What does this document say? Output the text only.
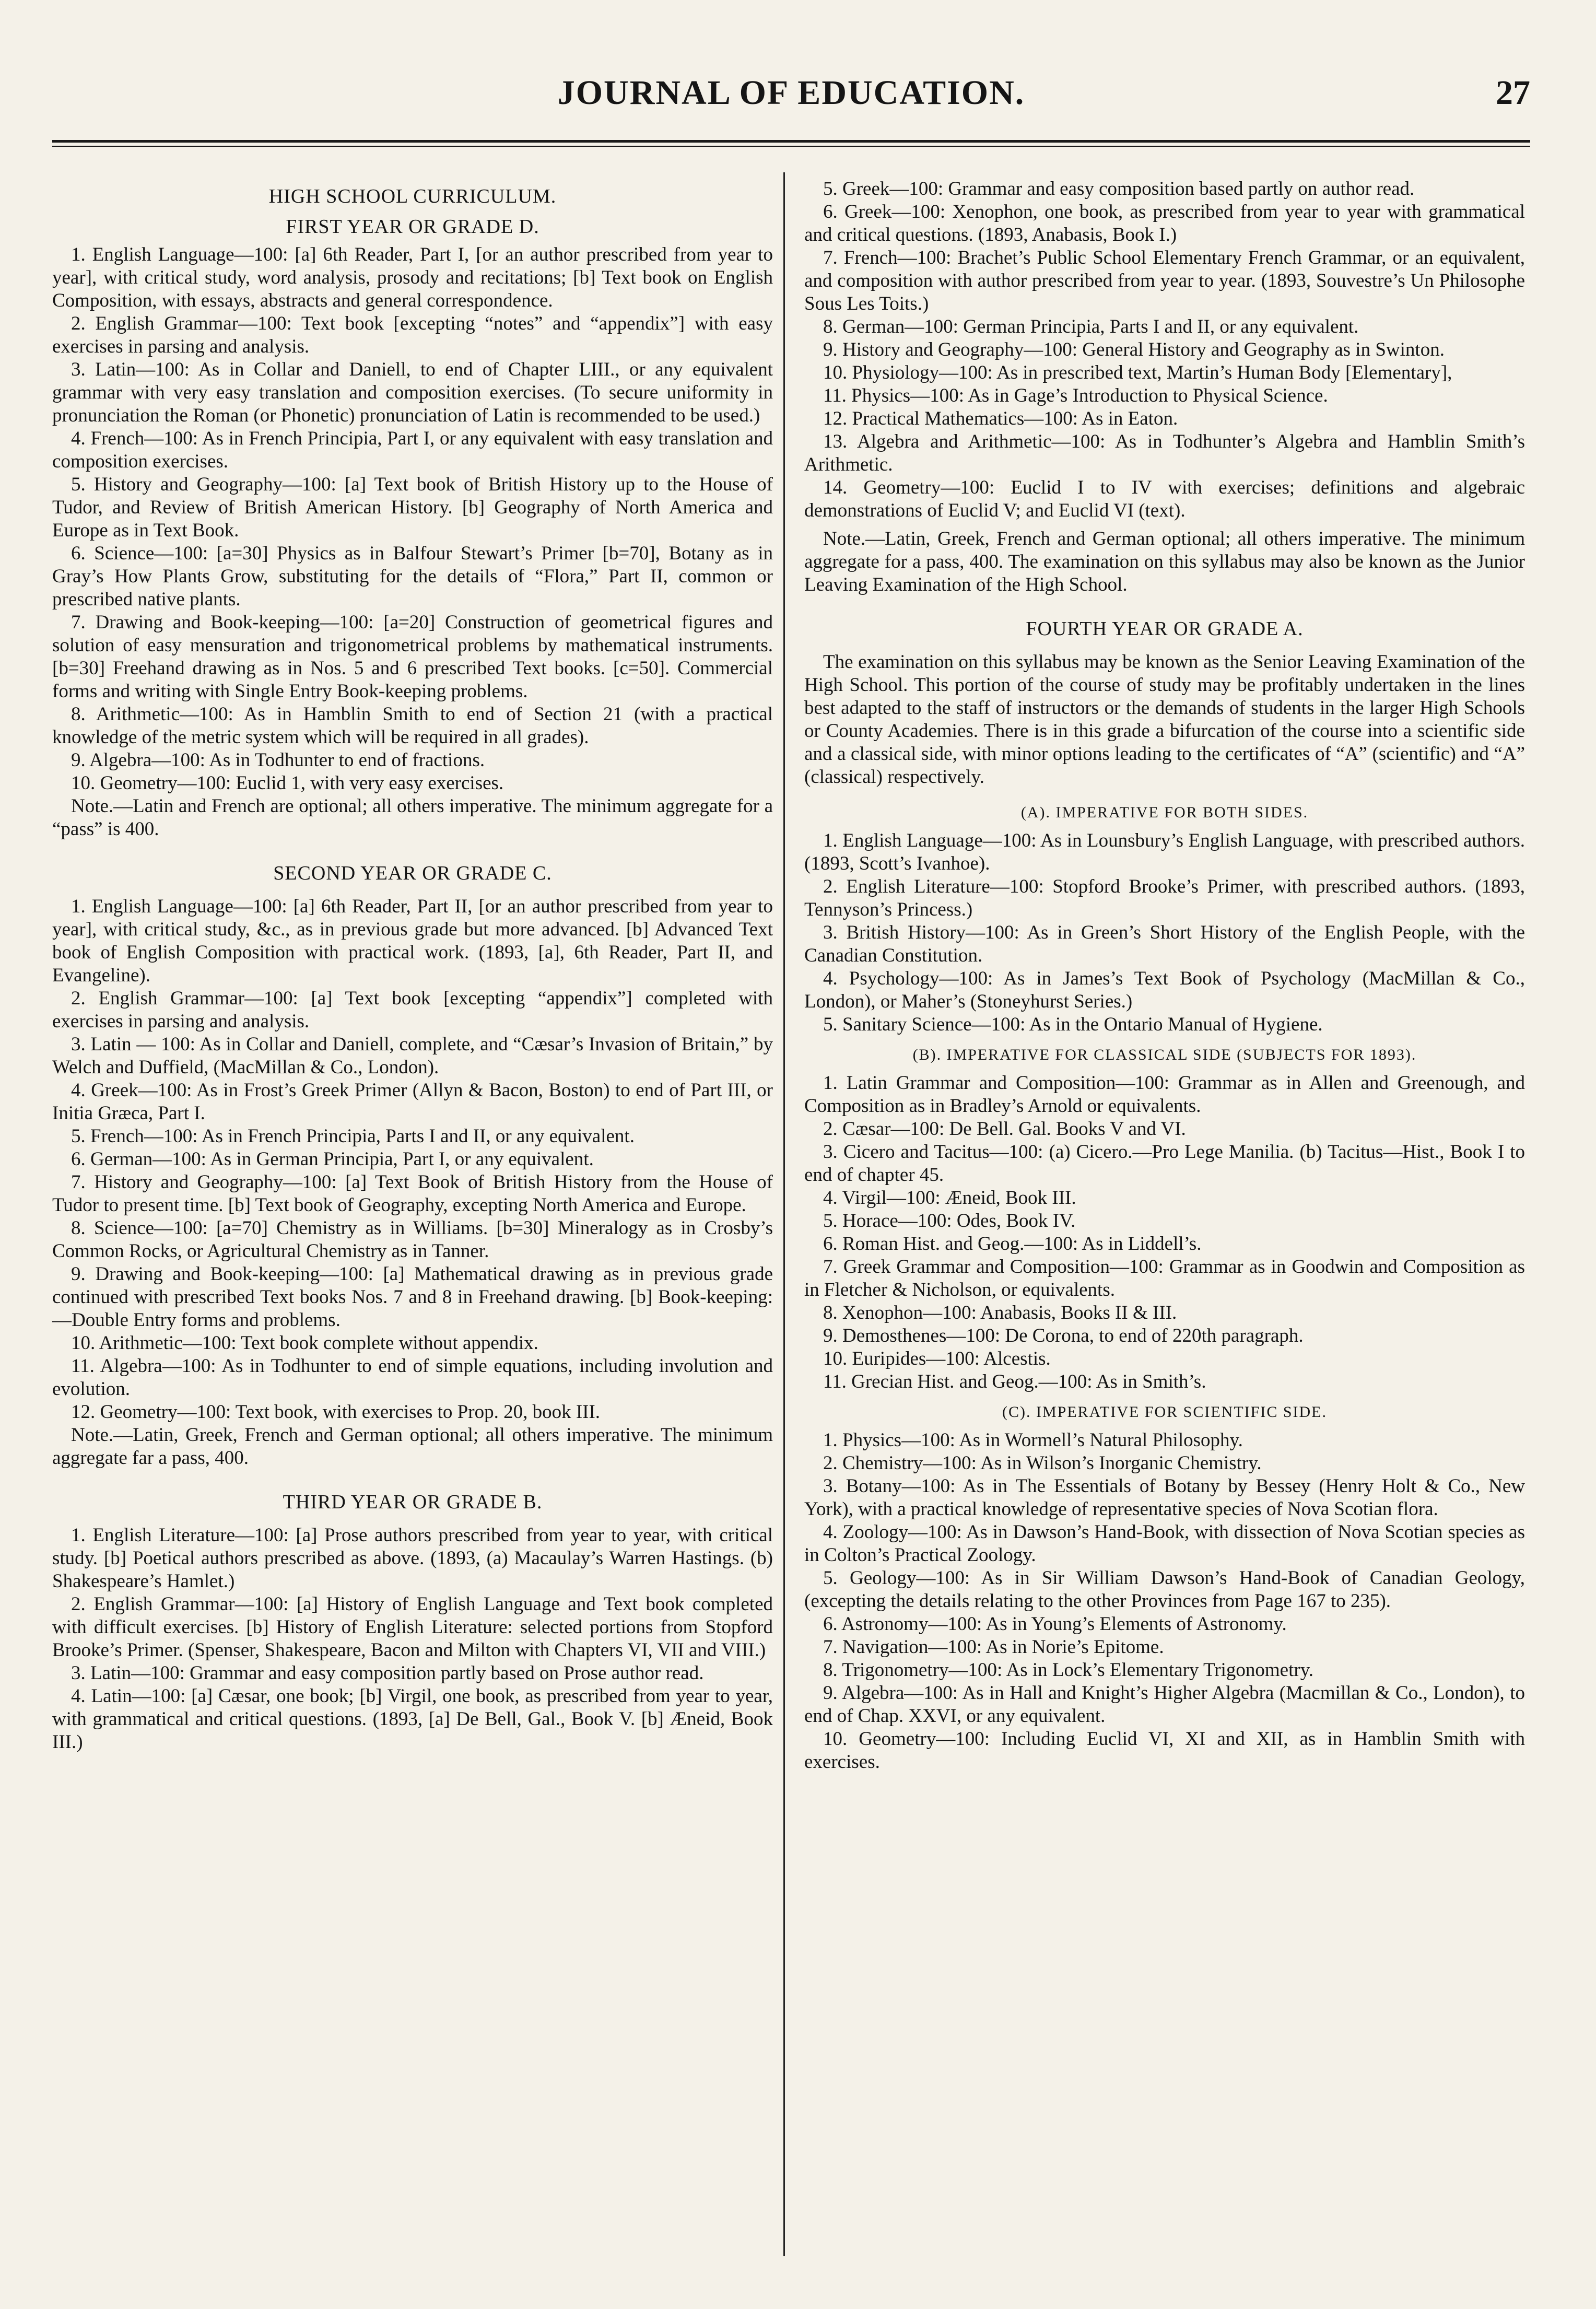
JOURNAL OF EDUCATION.	27
HIGH SCHOOL CURRICULUM.
FIRST YEAR OR GRADE D.

1. English Language—100: [a] 6th Reader, Part I, [or an author prescribed from year to year], with critical study, word analysis, prosody and recitations; [b] Text book on English Composition, with essays, abstracts and general correspondence.

2. English Grammar—100: Text book [excepting “notes” and “appendix”] with easy exercises in parsing and analysis.

3. Latin—100: As in Collar and Daniell, to end of Chapter LIII., or any equivalent grammar with very easy translation and composition exercises. (To secure uniformity in pronunciation the Roman (or Phonetic) pronunciation of Latin is recommended to be used.)

4. French—100: As in French Principia, Part I, or any equivalent with easy translation and composition exercises.

5. History and Geography—100: [a] Text book of British History up to the House of Tudor, and Review of British American History. [b] Geography of North America and Europe as in Text Book.

6. Science—100: [a=30] Physics as in Balfour Stewart’s Primer [b=70], Botany as in Gray’s How Plants Grow, substituting for the details of “Flora,” Part II, common or prescribed native plants.

7. Drawing and Book-keeping—100: [a=20] Construction of geometrical figures and solution of easy mensuration and trigonometrical problems by mathematical instruments. [b=30] Freehand drawing as in Nos. 5 and 6 prescribed Text books. [c=50]. Commercial forms and writing with Single Entry Book-keeping problems.

8. Arithmetic—100: As in Hamblin Smith to end of Section 21 (with a practical knowledge of the metric system which will be required in all grades).

9. Algebra—100: As in Todhunter to end of fractions.

10. Geometry—100: Euclid 1, with very easy exercises.

Note.—Latin and French are optional; all others imperative. The minimum aggregate for a “pass” is 400.

SECOND YEAR OR GRADE C.

1. English Language—100: [a] 6th Reader, Part II, [or an author prescribed from year to year], with critical study, &c., as in previous grade but more advanced. [b] Advanced Text book of English Composition with practical work. (1893, [a], 6th Reader, Part II, and Evangeline).

2. English Grammar—100: [a] Text book [excepting “appendix”] completed with exercises in parsing and analysis.

3. Latin — 100: As in Collar and Daniell, complete, and “Cæsar’s Invasion of Britain,” by Welch and Duffield, (MacMillan & Co., London).

4. Greek—100: As in Frost’s Greek Primer (Allyn & Bacon, Boston) to end of Part III, or Initia Græca, Part I.

5. French—100: As in French Principia, Parts I and II, or any equivalent.

6. German—100: As in German Principia, Part I, or any equivalent.

7. History and Geography—100: [a] Text Book of British History from the House of Tudor to present time. [b] Text book of Geography, excepting North America and Europe.

8. Science—100: [a=70] Chemistry as in Williams. [b=30] Mineralogy as in Crosby’s Common Rocks, or Agricultural Chemistry as in Tanner.

9. Drawing and Book-keeping—100: [a] Mathematical drawing as in previous grade continued with prescribed Text books Nos. 7 and 8 in Freehand drawing. [b] Book-keeping:—Double Entry forms and problems.

10. Arithmetic—100: Text book complete without appendix.

11. Algebra—100: As in Todhunter to end of simple equations, including involution and evolution.

12. Geometry—100: Text book, with exercises to Prop. 20, book III.

Note.—Latin, Greek, French and German optional; all others imperative. The minimum aggregate far a pass, 400.

THIRD YEAR OR GRADE B.

1. English Literature—100: [a] Prose authors prescribed from year to year, with critical study. [b] Poetical authors prescribed as above. (1893, (a) Macaulay’s Warren Hastings. (b) Shakespeare’s Hamlet.)

2. English Grammar—100: [a] History of English Language and Text book completed with difficult exercises. [b] History of English Literature: selected portions from Stopford Brooke’s Primer. (Spenser, Shakespeare, Bacon and Milton with Chapters VI, VII and VIII.)

3. Latin—100: Grammar and easy composition partly based on Prose author read.

4. Latin—100: [a] Cæsar, one book; [b] Virgil, one book, as prescribed from year to year, with grammatical and critical questions. (1893, [a] De Bell, Gal., Book V. [b] Æneid, Book III.)

5. Greek—100: Grammar and easy composition based partly on author read.

6. Greek—100: Xenophon, one book, as prescribed from year to year with grammatical and critical questions. (1893, Anabasis, Book I.)

7. French—100: Brachet’s Public School Elementary French Grammar, or an equivalent, and composition with author prescribed from year to year. (1893, Souvestre’s Un Philosophe Sous Les Toits.)

8. German—100: German Principia, Parts I and II, or any equivalent.

9. History and Geography—100: General History and Geography as in Swinton.

10. Physiology—100: As in prescribed text, Martin’s Human Body [Elementary],

11. Physics—100: As in Gage’s Introduction to Physical Science.

12. Practical Mathematics—100: As in Eaton.

13. Algebra and Arithmetic—100: As in Todhunter’s Algebra and Hamblin Smith’s Arithmetic.

14. Geometry—100: Euclid I to IV with exercises; definitions and algebraic demonstrations of Euclid V; and Euclid VI (text).

Note.—Latin, Greek, French and German optional; all others imperative. The minimum aggregate for a pass, 400. The examination on this syllabus may also be known as the Junior Leaving Examination of the High School.

FOURTH YEAR OR GRADE A.

The examination on this syllabus may be known as the Senior Leaving Examination of the High School. This portion of the course of study may be profitably undertaken in the lines best adapted to the staff of instructors or the demands of students in the larger High Schools or County Academies. There is in this grade a bifurcation of the course into a scientific side and a classical side, with minor options leading to the certificates of “A” (scientific) and “A” (classical) respectively.

(A). IMPERATIVE FOR BOTH SIDES.

1. English Language—100: As in Lounsbury’s English Language, with prescribed authors. (1893, Scott’s Ivanhoe).

2. English Literature—100: Stopford Brooke’s Primer, with prescribed authors. (1893, Tennyson’s Princess.)

3. British History—100: As in Green’s Short History of the English People, with the Canadian Constitution.

4. Psychology—100: As in James’s Text Book of Psychology (MacMillan & Co., London), or Maher’s (Stoneyhurst Series.)

5. Sanitary Science—100: As in the Ontario Manual of Hygiene.

(B). IMPERATIVE FOR CLASSICAL SIDE (SUBJECTS FOR 1893).

1. Latin Grammar and Composition—100: Grammar as in Allen and Greenough, and Composition as in Bradley’s Arnold or equivalents.

2. Cæsar—100: De Bell. Gal. Books V and VI.

3. Cicero and Tacitus—100: (a) Cicero.—Pro Lege Manilia. (b) Tacitus—Hist., Book I to end of chapter 45.

4. Virgil—100: Æneid, Book III.

5. Horace—100: Odes, Book IV.

6. Roman Hist. and Geog.—100: As in Liddell’s.

7. Greek Grammar and Composition—100: Grammar as in Goodwin and Composition as in Fletcher & Nicholson, or equivalents.

8. Xenophon—100: Anabasis, Books II & III.

9. Demosthenes—100: De Corona, to end of 220th paragraph.

10. Euripides—100: Alcestis.

11. Grecian Hist. and Geog.—100: As in Smith’s.

(C). IMPERATIVE FOR SCIENTIFIC SIDE.

1. Physics—100: As in Wormell’s Natural Philosophy.

2. Chemistry—100: As in Wilson’s Inorganic Chemistry.

3. Botany—100: As in The Essentials of Botany by Bessey (Henry Holt & Co., New York), with a practical knowledge of representative species of Nova Scotian flora.

4. Zoology—100: As in Dawson’s Hand-Book, with dissection of Nova Scotian species as in Colton’s Practical Zoology.

5. Geology—100: As in Sir William Dawson’s Hand-Book of Canadian Geology, (excepting the details relating to the other Provinces from Page 167 to 235).

6. Astronomy—100: As in Young’s Elements of Astronomy.

7. Navigation—100: As in Norie’s Epitome.

8. Trigonometry—100: As in Lock’s Elementary Trigonometry.

9. Algebra—100: As in Hall and Knight’s Higher Algebra (Macmillan & Co., London), to end of Chap. XXVI, or any equivalent.

10. Geometry—100: Including Euclid VI, XI and XII, as in Hamblin Smith with exercises.
